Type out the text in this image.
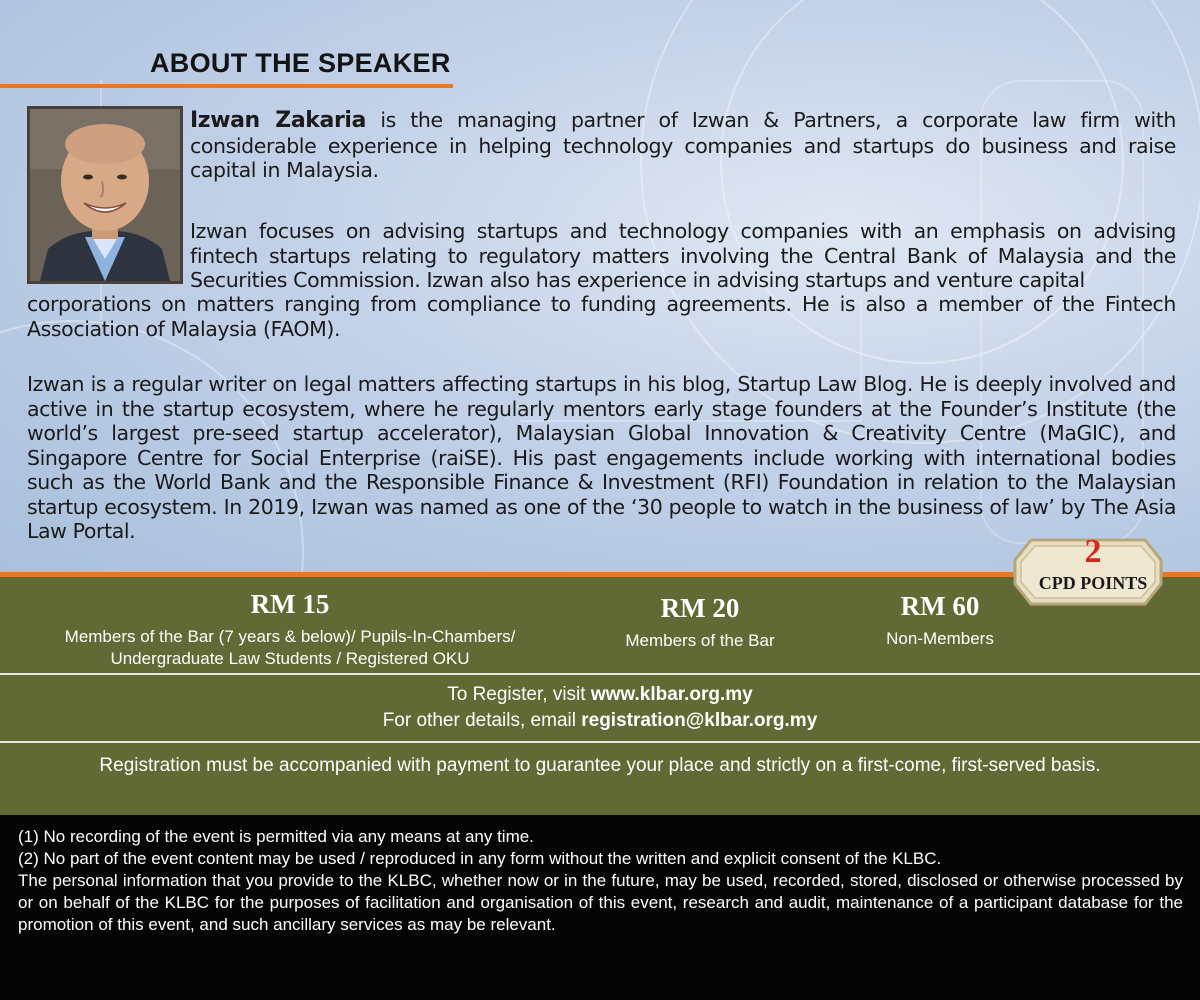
ABOUT THE SPEAKER
Izwan Zakaria is the managing partner of Izwan & Partners, a corporate law firm with considerable experience in helping technology companies and startups do business and raise capital in Malaysia.
Izwan focuses on advising startups and technology companies with an emphasis on advising fintech startups relating to regulatory matters involving the Central Bank of Malaysia and the
Securities Commission. Izwan also has experience in advising startups and venture capital
corporations on matters ranging from compliance to funding agreements. He is also a member of the Fintech Association of Malaysia (FAOM).
Izwan is a regular writer on legal matters affecting startups in his blog, Startup Law Blog. He is deeply involved and active in the startup ecosystem, where he regularly mentors early stage founders at the Founder’s Institute (the world’s largest pre-seed startup accelerator), Malaysian Global Innovation & Creativity Centre (MaGIC), and Singapore Centre for Social Enterprise (raiSE). His past engagements include working with international bodies such as the World Bank and the Responsible Finance & Investment (RFI) Foundation in relation to the Malaysian startup ecosystem. In 2019, Izwan was named as one of the ‘30 people to watch in the business of law’ by The Asia Law Portal.
RM 15
Members of the Bar (7 years & below)/ Pupils-In-Chambers/
Undergraduate Law Students / Registered OKU
RM 20
Members of the Bar
RM 60
Non-Members
2
CPD POINTS
To Register, visit www.klbar.org.my
For other details, email registration@klbar.org.my
Registration must be accompanied with payment to guarantee your place and strictly on a first-come, first-served basis.
(1) No recording of the event is permitted via any means at any time.
(2) No part of the event content may be used / reproduced in any form without the written and explicit consent of the KLBC.
The personal information that you provide to the KLBC, whether now or in the future, may be used, recorded, stored, disclosed or otherwise processed by or on behalf of the KLBC for the purposes of facilitation and organisation of this event, research and audit, maintenance of a participant database for the promotion of this event, and such ancillary services as may be relevant.
